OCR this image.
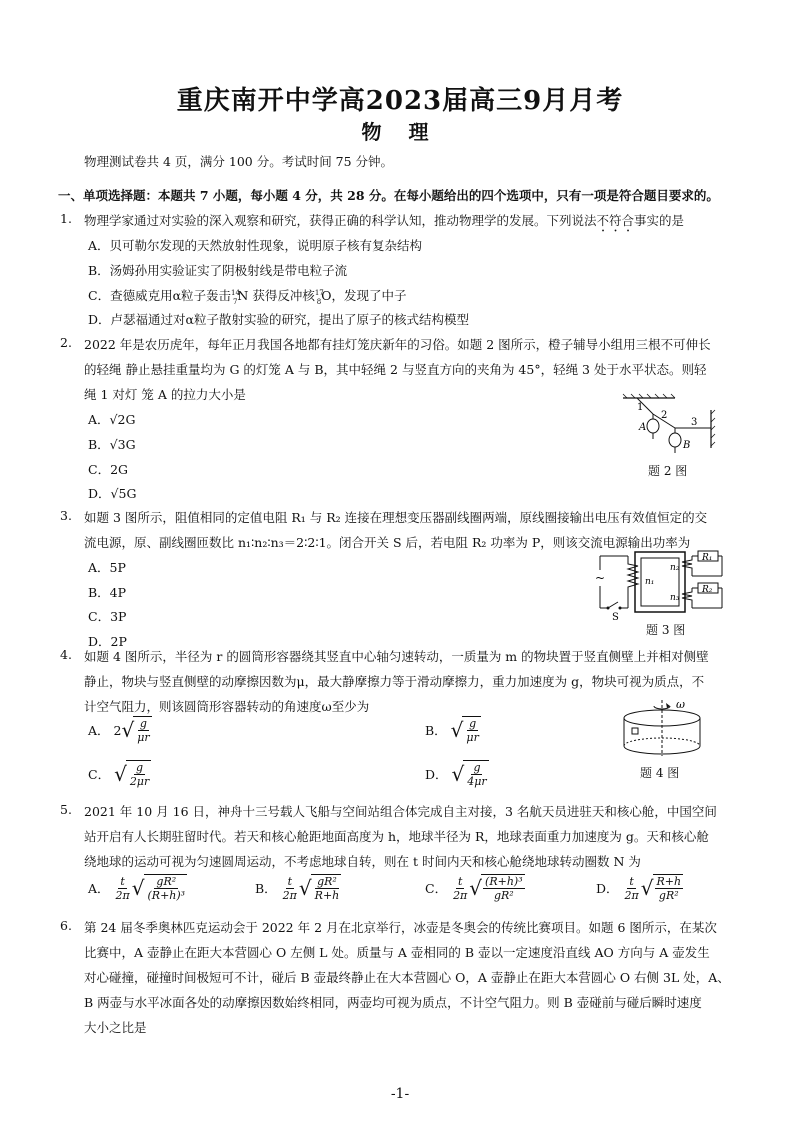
重庆南开中学高2023届高三9月月考
物 理
物理测试卷共 4 页，满分 100 分。考试时间 75 分钟。
一、单项选择题：本题共 7 小题，每小题 4 分，共 28 分。在每小题给出的四个选项中，只有一项是符合题目要求的。
1. 物理学家通过对实验的深入观察和研究，获得正确的科学认知，推动物理学的发展。下列说法不符合事实的是
A．贝可勒尔发现的天然放射性现象，说明原子核有复杂结构
B．汤姆孙用实验证实了阴极射线是带电粒子流
C．查德威克用α粒子轰击$^{14}_7$N 获得反冲核$^{17}_8$O，发现了中子
D．卢瑟福通过对α粒子散射实验的研究，提出了原子的核式结构模型
2. 2022 年是农历虎年，每年正月我国各地都有挂灯笼庆新年的习俗。如题 2 图所示，橙子辅导小组用三根不可伸长
的轻绳 静止悬挂重量均为 G 的灯笼 A 与 B，其中轻绳 2 与竖直方向的夹角为 45°，轻绳 3 处于水平状态。则轻
绳 1 对灯 笼 A 的拉力大小是
A．√2G
B．√3G
C．2G
D．√5G
1
2
3
A
B
题 2 图
3. 如题 3 图所示，阻值相同的定值电阻 R₁ 与 R₂ 连接在理想变压器副线圈两端，原线圈接输出电压有效值恒定的交
流电源，原、副线圈匝数比 n₁∶n₂∶n₃＝2∶2∶1。闭合开关 S 后，若电阻 R₂ 功率为 P，则该交流电源输出功率为
A．5P
B．4P
C．3P
D．2P
~
S
n₁
n₂
n₃
R₁
R₂
题 3 图
4. 如题 4 图所示，半径为 r 的圆筒形容器绕其竖直中心轴匀速转动，一质量为 m 的物块置于竖直侧壁上并相对侧壁
静止，物块与竖直侧壁的动摩擦因数为μ，最大静摩擦力等于滑动摩擦力，重力加速度为 g，物块可视为质点，不
计空气阻力，则该圆筒形容器转动的角速度ω至少为
A．
2 √ $\frac{g}{\mu r}$	B．
√ $\frac{g}{\mu r}$
C．
√ $\frac{g}{2\mu r}$	D．
√ $\frac{g}{4\mu r}$
ω
题 4 图
5. 2021 年 10 月 16 日，神舟十三号载人飞船与空间站组合体完成自主对接，3 名航天员进驻天和核心舱，中国空间
站开启有人长期驻留时代。若天和核心舱距地面高度为 h，地球半径为 R，地球表面重力加速度为 g。天和核心舱
绕地球的运动可视为匀速圆周运动，不考虑地球自转，则在 t 时间内天和核心舱绕地球转动圈数 N 为
A．
$\frac{t}{2\pi}$ √ $\frac{\text{gR²}}{\text{(R+h)³}}$	B．
$\frac{t}{2\pi}$ √ $\frac{\text{gR²}}{R+h}$	C．
$\frac{t}{2\pi}$ √ $\frac{\text{(R+h)³}}{\text{gR²}}$	D．
$\frac{t}{2\pi}$ √ $\frac{R+h}{\text{gR²}}$
6. 第 24 届冬季奥林匹克运动会于 2022 年 2 月在北京举行，冰壶是冬奥会的传统比赛项目。如题 6 图所示，在某次
比赛中，A 壶静止在距大本营圆心 O 左侧 L 处。质量与 A 壶相同的 B 壶以一定速度沿直线 AO 方向与 A 壶发生
对心碰撞，碰撞时间极短可不计，碰后 B 壶最终静止在大本营圆心 O，A 壶静止在距大本营圆心 O 右侧 3L 处，A、
B 两壶与水平冰面各处的动摩擦因数始终相同，两壶均可视为质点，不计空气阻力。则 B 壶碰前与碰后瞬时速度
大小之比是
-1-
